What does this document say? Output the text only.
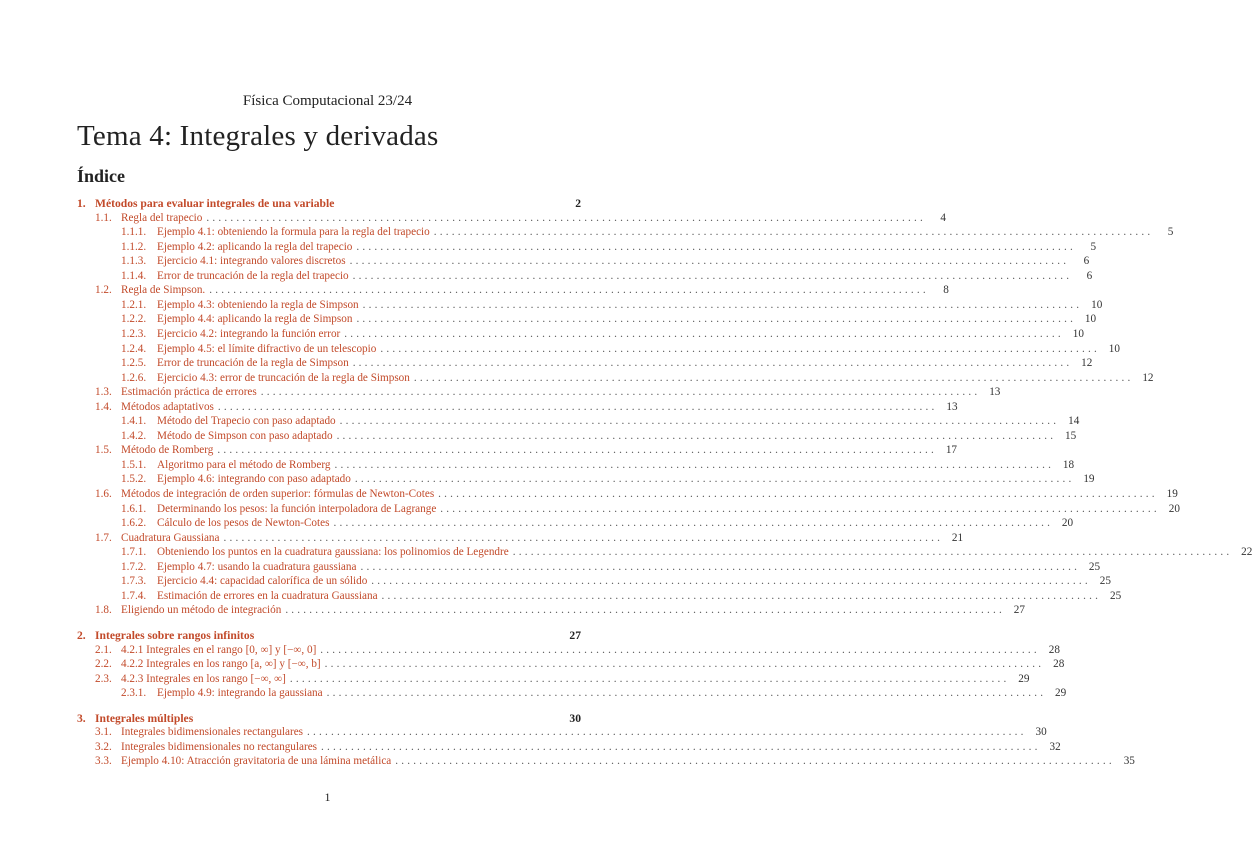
Física Computacional 23/24
Tema 4: Integrales y derivadas
Índice
1. Métodos para evaluar integrales de una variable	2
1.1. Regla del trapecio ........................................................................................................................	4
1.1.1. Ejemplo 4.1: obteniendo la formula para la regla del trapecio ........................................................................................................................	5
1.1.2. Ejemplo 4.2: aplicando la regla del trapecio ........................................................................................................................	5
1.1.3. Ejercicio 4.1: integrando valores discretos ........................................................................................................................	6
1.1.4. Error de truncación de la regla del trapecio ........................................................................................................................	6
1.2. Regla de Simpson. ........................................................................................................................	8
1.2.1. Ejemplo 4.3: obteniendo la regla de Simpson ........................................................................................................................ 10
1.2.2. Ejemplo 4.4: aplicando la regla de Simpson ........................................................................................................................ 10
1.2.3. Ejercicio 4.2: integrando la función error ........................................................................................................................ 10
1.2.4. Ejemplo 4.5: el límite difractivo de un telescopio ........................................................................................................................ 10
1.2.5. Error de truncación de la regla de Simpson ........................................................................................................................ 12
1.2.6. Ejercicio 4.3: error de truncación de la regla de Simpson ........................................................................................................................ 12
1.3. Estimación práctica de errores ........................................................................................................................ 13
1.4. Métodos adaptativos ........................................................................................................................ 13
1.4.1. Método del Trapecio con paso adaptado ........................................................................................................................ 14
1.4.2. Método de Simpson con paso adaptado ........................................................................................................................ 15
1.5. Método de Romberg ........................................................................................................................ 17
1.5.1. Algoritmo para el método de Romberg ........................................................................................................................ 18
1.5.2. Ejemplo 4.6: integrando con paso adaptado ........................................................................................................................ 19
1.6. Métodos de integración de orden superior: fórmulas de Newton-Cotes ........................................................................................................................ 19
1.6.1. Determinando los pesos: la función interpoladora de Lagrange ........................................................................................................................ 20
1.6.2. Cálculo de los pesos de Newton-Cotes ........................................................................................................................ 20
1.7. Cuadratura Gaussiana ........................................................................................................................ 21
1.7.1. Obteniendo los puntos en la cuadratura gaussiana: los polinomios de Legendre ........................................................................................................................ 22
1.7.2. Ejemplo 4.7: usando la cuadratura gaussiana ........................................................................................................................ 25
1.7.3. Ejercicio 4.4: capacidad calorífica de un sólido ........................................................................................................................ 25
1.7.4. Estimación de errores en la cuadratura Gaussiana ........................................................................................................................ 25
1.8. Eligiendo un método de integración ........................................................................................................................ 27
2. Integrales sobre rangos infinitos	27
2.1. 4.2.1 Integrales en el rango [0, ∞] y [−∞, 0] ........................................................................................................................ 28
2.2. 4.2.2 Integrales en los rango [a, ∞] y [−∞, b] ........................................................................................................................ 28
2.3. 4.2.3 Integrales en los rango [−∞, ∞] ........................................................................................................................ 29
2.3.1. Ejemplo 4.9: integrando la gaussiana ........................................................................................................................ 29
3. Integrales múltiples	30
3.1. Integrales bidimensionales rectangulares ........................................................................................................................ 30
3.2. Integrales bidimensionales no rectangulares ........................................................................................................................ 32
3.3. Ejemplo 4.10: Atracción gravitatoria de una lámina metálica ........................................................................................................................ 35
1
